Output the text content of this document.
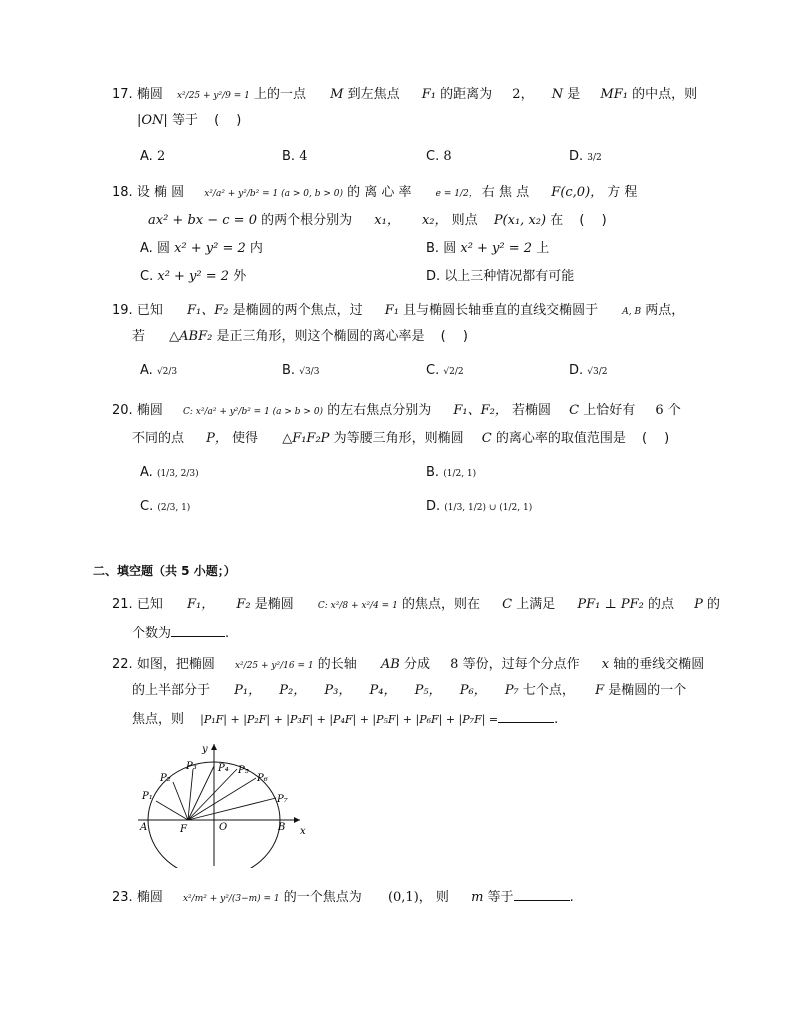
17. 椭圆 x²/25 + y²/9 = 1 上的一点 M 到左焦点 F₁ 的距离为 2， N 是 MF₁ 的中点，则
|ON| 等于 (　 )
A. 2	B. 4	C. 8	D. 3/2
18. 设 椭 圆 x²/a² + y²/b² = 1 (a > 0, b > 0) 的 离 心 率	e = 1/2， 右 焦 点 F(c,0)， 方 程
ax² + bx − c = 0 的两个根分别为 x₁， x₂， 则点 P(x₁, x₂) 在 (　 )
A. 圆 x² + y² = 2 内	B. 圆 x² + y² = 2 上
C. x² + y² = 2 外	D. 以上三种情况都有可能
19. 已知 F₁、F₂ 是椭圆的两个焦点，过 F₁ 且与椭圆长轴垂直的直线交椭圆于	A, B 两点，
若 △ABF₂ 是正三角形，则这个椭圆的离心率是 (　 )
A. √2/3	B. √3/3	C. √2/2	D. √3/2
20. 椭圆 C: x²/a² + y²/b² = 1 (a > b > 0) 的左右焦点分别为 F₁、F₂， 若椭圆 C 上恰好有 6 个
不同的点 P， 使得 △F₁F₂P 为等腰三角形，则椭圆 C 的离心率的取值范围是 (　 )
A. (1/3, 2/3)	B. (1/2, 1)
C. (2/3, 1)	D. (1/3, 1/2) ∪ (1/2, 1)
二、填空题（共 5 小题；）
21. 已知 F₁， F₂ 是椭圆	C: x²/8 + x²/4 = 1 的焦点，则在 C 上满足 PF₁ ⊥ PF₂ 的点 P 的
个数为	.
22. 如图，把椭圆 x²/25 + y²/16 = 1 的长轴 AB 分成 8 等份，过每个分点作 x 轴的垂线交椭圆
的上半部分于 P₁， P₂， P₃， P₄， P₅， P₆， P₇ 七个点， F 是椭圆的一个
焦点，则 |P₁F| + |P₂F| + |P₃F| + |P₄F| + |P₅F| + |P₆F| + |P₇F| =	.
y
x
A	B
F	O
P₁
P₂
P₃ P₄ P₅
P₆
P₇
23. 椭圆 x²/m² + y²/(3−m) = 1 的一个焦点为 (0,1)， 则 m 等于	.
